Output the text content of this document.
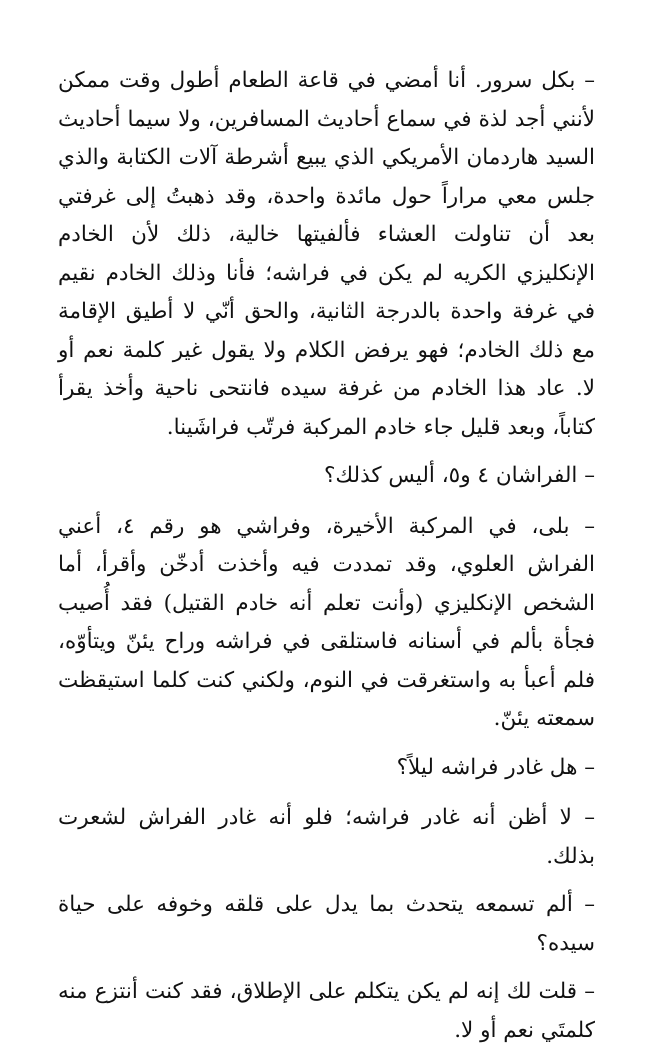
– بكل سرور. أنا أمضي في قاعة الطعام أطول وقت ممكن لأنني أجد لذة في سماع أحاديث المسافرين، ولا سيما أحاديث السيد هاردمان الأمريكي الذي يبيع أشرطة آلات الكتابة والذي جلس معي مراراً حول مائدة واحدة، وقد ذهبتُ إلى غرفتي بعد أن تناولت العشاء فألفيتها خالية، ذلك لأن الخادم الإنكليزي الكريه لم يكن في فراشه؛ فأنا وذلك الخادم نقيم في غرفة واحدة بالدرجة الثانية، والحق أنّي لا أطيق الإقامة مع ذلك الخادم؛ فهو يرفض الكلام ولا يقول غير كلمة نعم أو لا. عاد هذا الخادم من غرفة سيده فانتحى ناحية وأخذ يقرأ كتاباً، وبعد قليل جاء خادم المركبة فرتّب فراشَينا.

– الفراشان ٤ و٥، أليس كذلك؟

– بلى، في المركبة الأخيرة، وفراشي هو رقم ٤، أعني الفراش العلوي، وقد تمددت فيه وأخذت أدخّن وأقرأ، أما الشخص الإنكليزي (وأنت تعلم أنه خادم القتيل) فقد أُصيب فجأة بألم في أسنانه فاستلقى في فراشه وراح يئنّ ويتأوّه، فلم أعبأ به واستغرقت في النوم، ولكني كنت كلما استيقظت سمعته يئنّ.

– هل غادر فراشه ليلاً؟

– لا أظن أنه غادر فراشه؛ فلو أنه غادر الفراش لشعرت بذلك.

– ألم تسمعه يتحدث بما يدل على قلقه وخوفه على حياة سيده؟

– قلت لك إنه لم يكن يتكلم على الإطلاق، فقد كنت أنتزع منه كلمتَي نعم أو لا.
